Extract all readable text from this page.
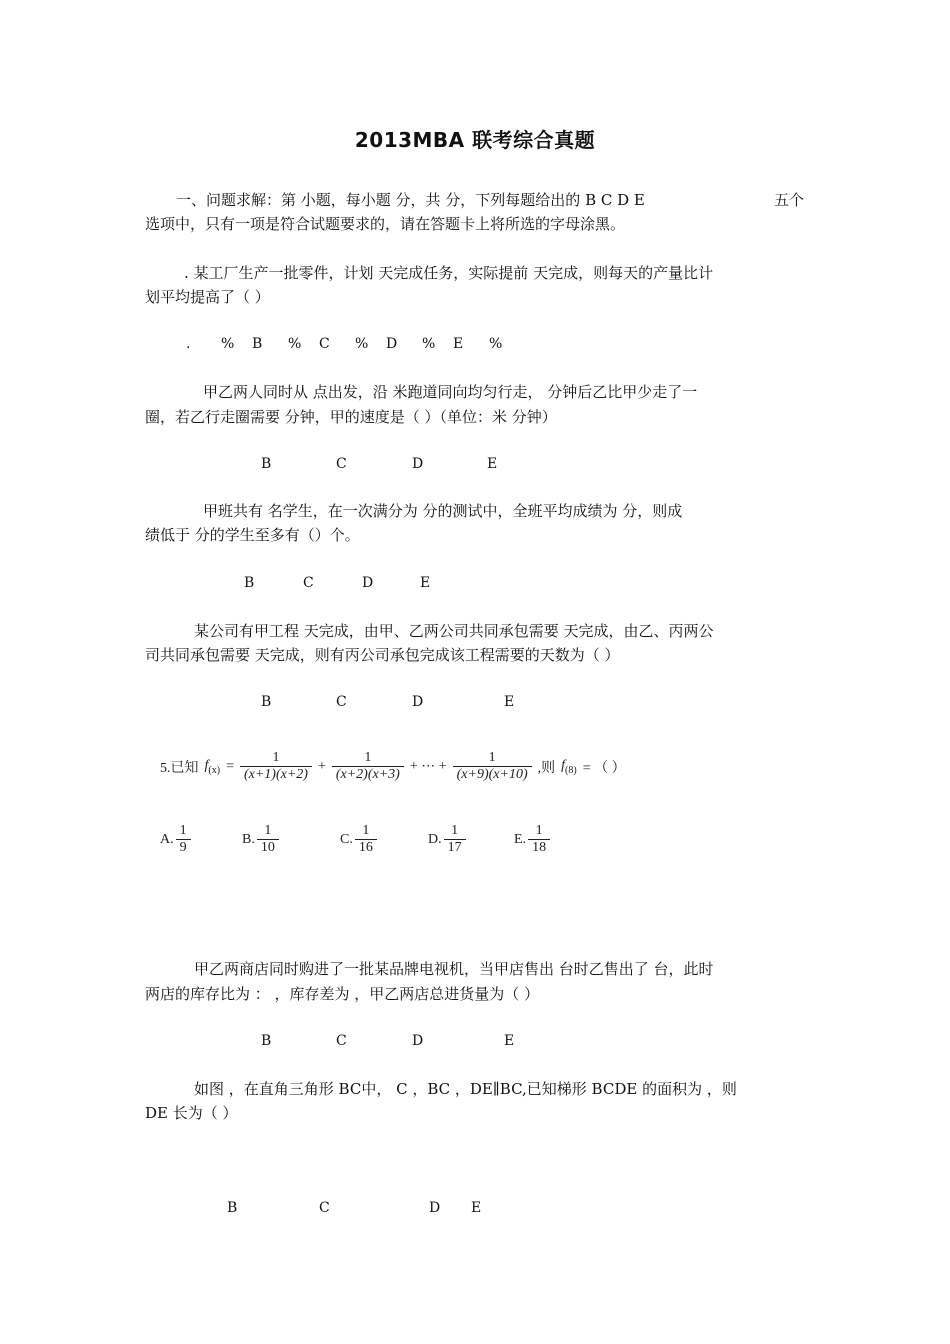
2013MBA 联考综合真题
一、问题求解：第 小题，每小题 分，共 分，下列每题给出的 B C D E	五个
选项中，只有一项是符合试题要求的，请在答题卡上将所选的字母涂黑。
. 某工厂生产一批零件，计划 天完成任务，实际提前 天完成，则每天的产量比计
划平均提高了（ ）
. % B % C % D % E %
甲乙两人同时从 点出发，沿 米跑道同向均匀行走， 分钟后乙比甲少走了一
圈，若乙行走圈需要 分钟，甲的速度是（ ）（单位：米 分钟）
B	C	D	E
甲班共有 名学生，在一次满分为 分的测试中，全班平均成绩为 分，则成
绩低于 分的学生至多有（）个。
B	C	D	E
某公司有甲工程 天完成，由甲、乙两公司共同承包需要 天完成，由乙、丙两公
司共同承包需要 天完成，则有丙公司承包完成该工程需要的天数为（ ）
B	C	D	E
5.已知 $f_{(x)} = \frac{1}{(x+1)(x+2)} + \frac{1}{(x+2)(x+3)}$ + ⋯ + $\frac{1}{(x+9)(x+10)}$ ,则 $f_{(8)}$ = （ ）
A. $\frac{1}{9}$	B. $\frac{1}{10}$	C. $\frac{1}{16}$	D. $\frac{1}{17}$	E. $\frac{1}{18}$
甲乙两商店同时购进了一批某品牌电视机，当甲店售出 台时乙售出了 台，此时
两店的库存比为 ： ，库存差为 ，甲乙两店总进货量为（ ）
B	C	D	E
如图 ，在直角三角形 BC中， C ，BC ，DE∥BC,已知梯形 BCDE 的面积为 ，则
DE 长为（ ）
B	C	D E
